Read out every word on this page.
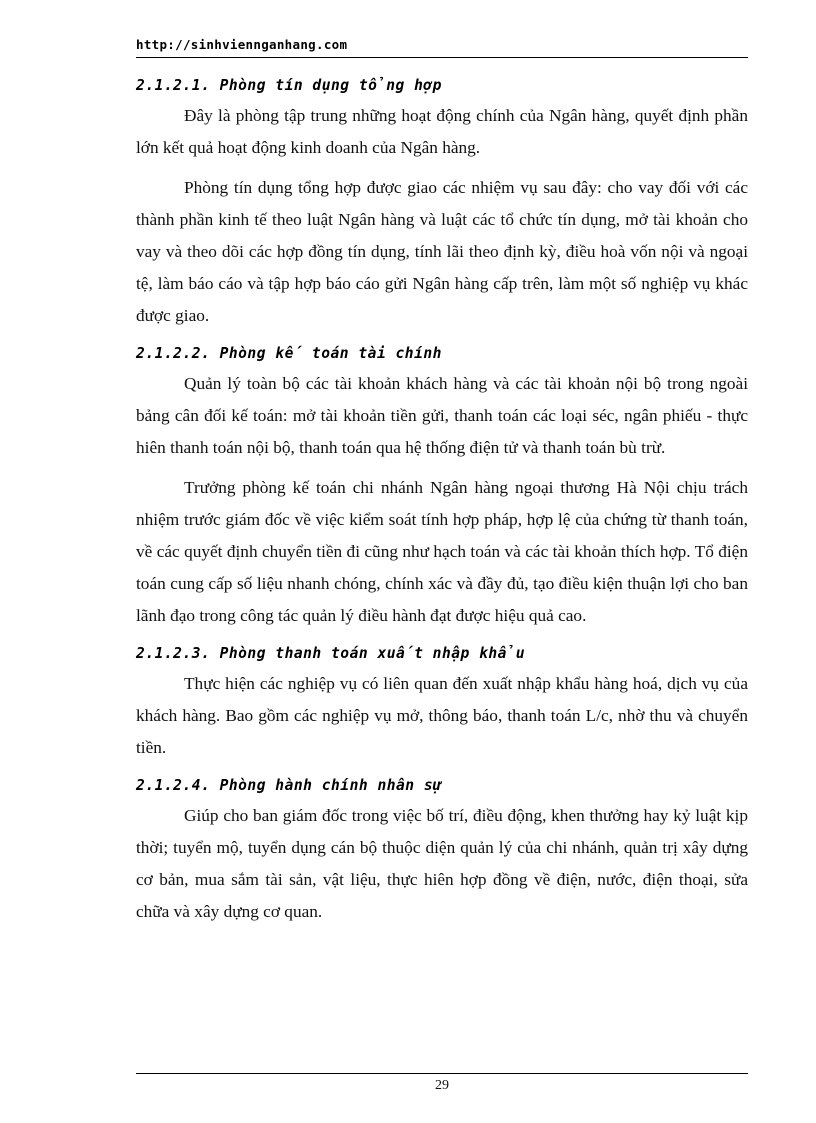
http://sinhviennganhang.com
2.1.2.1. Phòng tín dụng tổng hợp

Đây là phòng tập trung những hoạt động chính của Ngân hàng, quyết định phần lớn kết quả hoạt động kinh doanh của Ngân hàng.

Phòng tín dụng tổng hợp được giao các nhiệm vụ sau đây: cho vay đối với các thành phần kinh tế theo luật Ngân hàng và luật các tổ chức tín dụng, mở tài khoản cho vay và theo dõi các hợp đồng tín dụng, tính lãi theo định kỳ, điều hoà vốn nội và ngoại tệ, làm báo cáo và tập hợp báo cáo gửi Ngân hàng cấp trên, làm một số nghiệp vụ khác được giao.

2.1.2.2. Phòng kế toán tài chính

Quản lý toàn bộ các tài khoản khách hàng và các tài khoản nội bộ trong ngoài bảng cân đối kế toán: mở tài khoản tiền gửi, thanh toán các loại séc, ngân phiếu - thực hiên thanh toán nội bộ, thanh toán qua hệ thống điện tử và thanh toán bù trừ.

Trưởng phòng kế toán chi nhánh Ngân hàng ngoại thương Hà Nội chịu trách nhiệm trước giám đốc về việc kiểm soát tính hợp pháp, hợp lệ của chứng từ thanh toán, về các quyết định chuyển tiền đi cũng như hạch toán và các tài khoản thích hợp. Tổ điện toán cung cấp số liệu nhanh chóng, chính xác và đầy đủ, tạo điều kiện thuận lợi cho ban lãnh đạo trong công tác quản lý điều hành đạt được hiệu quả cao.

2.1.2.3. Phòng thanh toán xuất nhập khẩu

Thực hiện các nghiệp vụ có liên quan đến xuất nhập khẩu hàng hoá, dịch vụ của khách hàng. Bao gồm các nghiệp vụ mở, thông báo, thanh toán L/c, nhờ thu và chuyển tiền.

2.1.2.4. Phòng hành chính nhân sự

Giúp cho ban giám đốc trong việc bố trí, điều động, khen thưởng hay kỷ luật kịp thời; tuyển mộ, tuyển dụng cán bộ thuộc diện quản lý của chi nhánh, quản trị xây dựng cơ bản, mua sắm tài sản, vật liệu, thực hiên hợp đồng về điện, nước, điện thoại, sửa chữa và xây dựng cơ quan.

29
